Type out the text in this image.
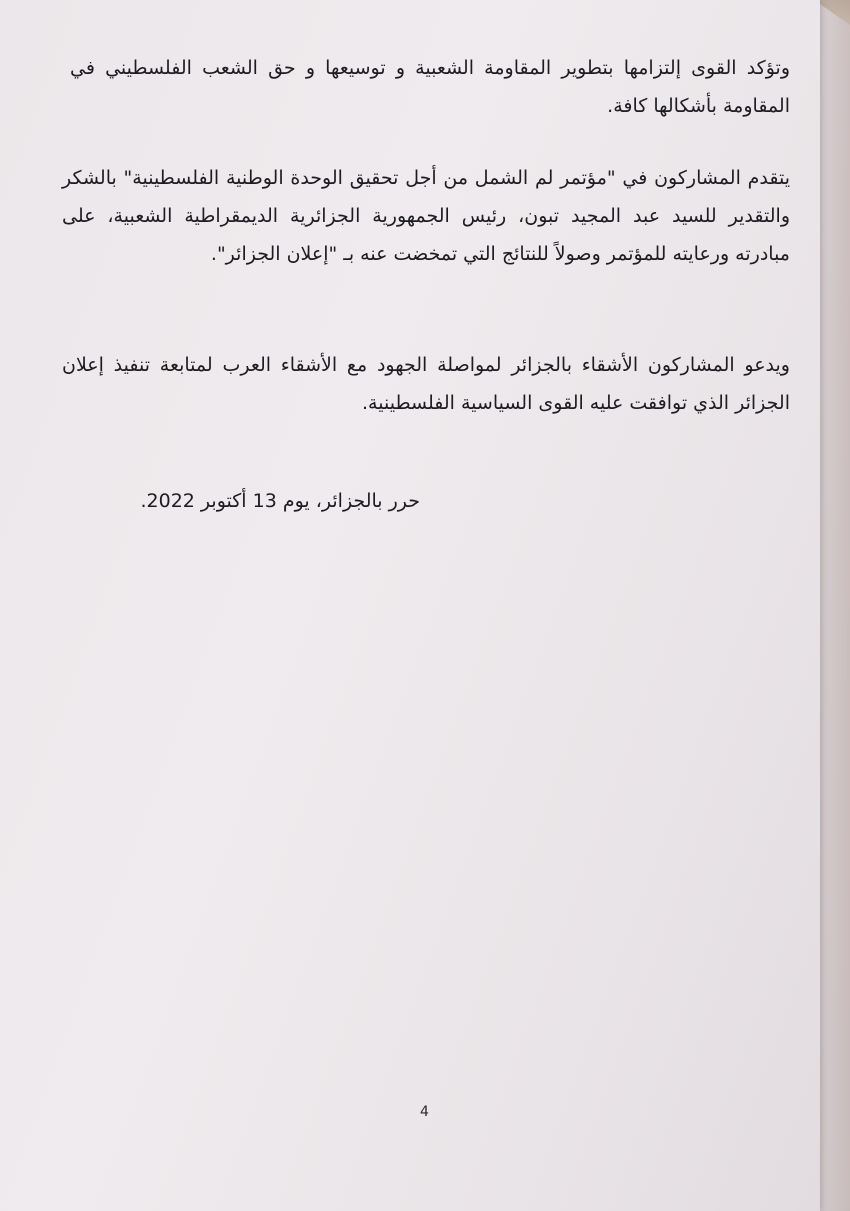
وتؤكد القوى إلتزامها بتطوير المقاومة الشعبية و توسيعها و حق الشعب الفلسطيني في المقاومة بأشكالها كافة.

يتقدم المشاركون في "مؤتمر لم الشمل من أجل تحقيق الوحدة الوطنية الفلسطينية" بالشكر والتقدير للسيد عبد المجيد تبون، رئيس الجمهورية الجزائرية الديمقراطية الشعبية، على مبادرته ورعايته للمؤتمر وصولاً للنتائج التي تمخضت عنه بـ "إعلان الجزائر".

ويدعو المشاركون الأشقاء بالجزائر لمواصلة الجهود مع الأشقاء العرب لمتابعة تنفيذ إعلان الجزائر الذي توافقت عليه القوى السياسية الفلسطينية.

حرر بالجزائر، يوم 13 أكتوبر 2022.
4
